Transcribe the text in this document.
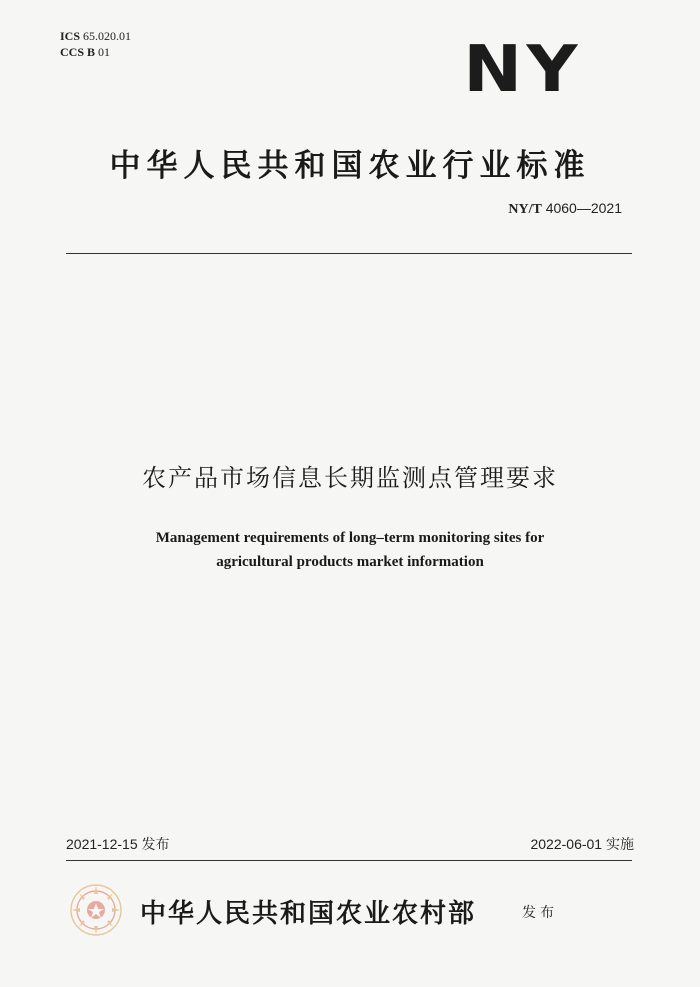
ICS 65.020.01
CCS B 01	NY
中华人民共和国农业行业标准
NY/T 4060—2021
农产品市场信息长期监测点管理要求
Management requirements of long–term monitoring sites for
agricultural products market information
2021-12-15 发布	2022-06-01 实施
中华人民共和国农业农村部	发布
